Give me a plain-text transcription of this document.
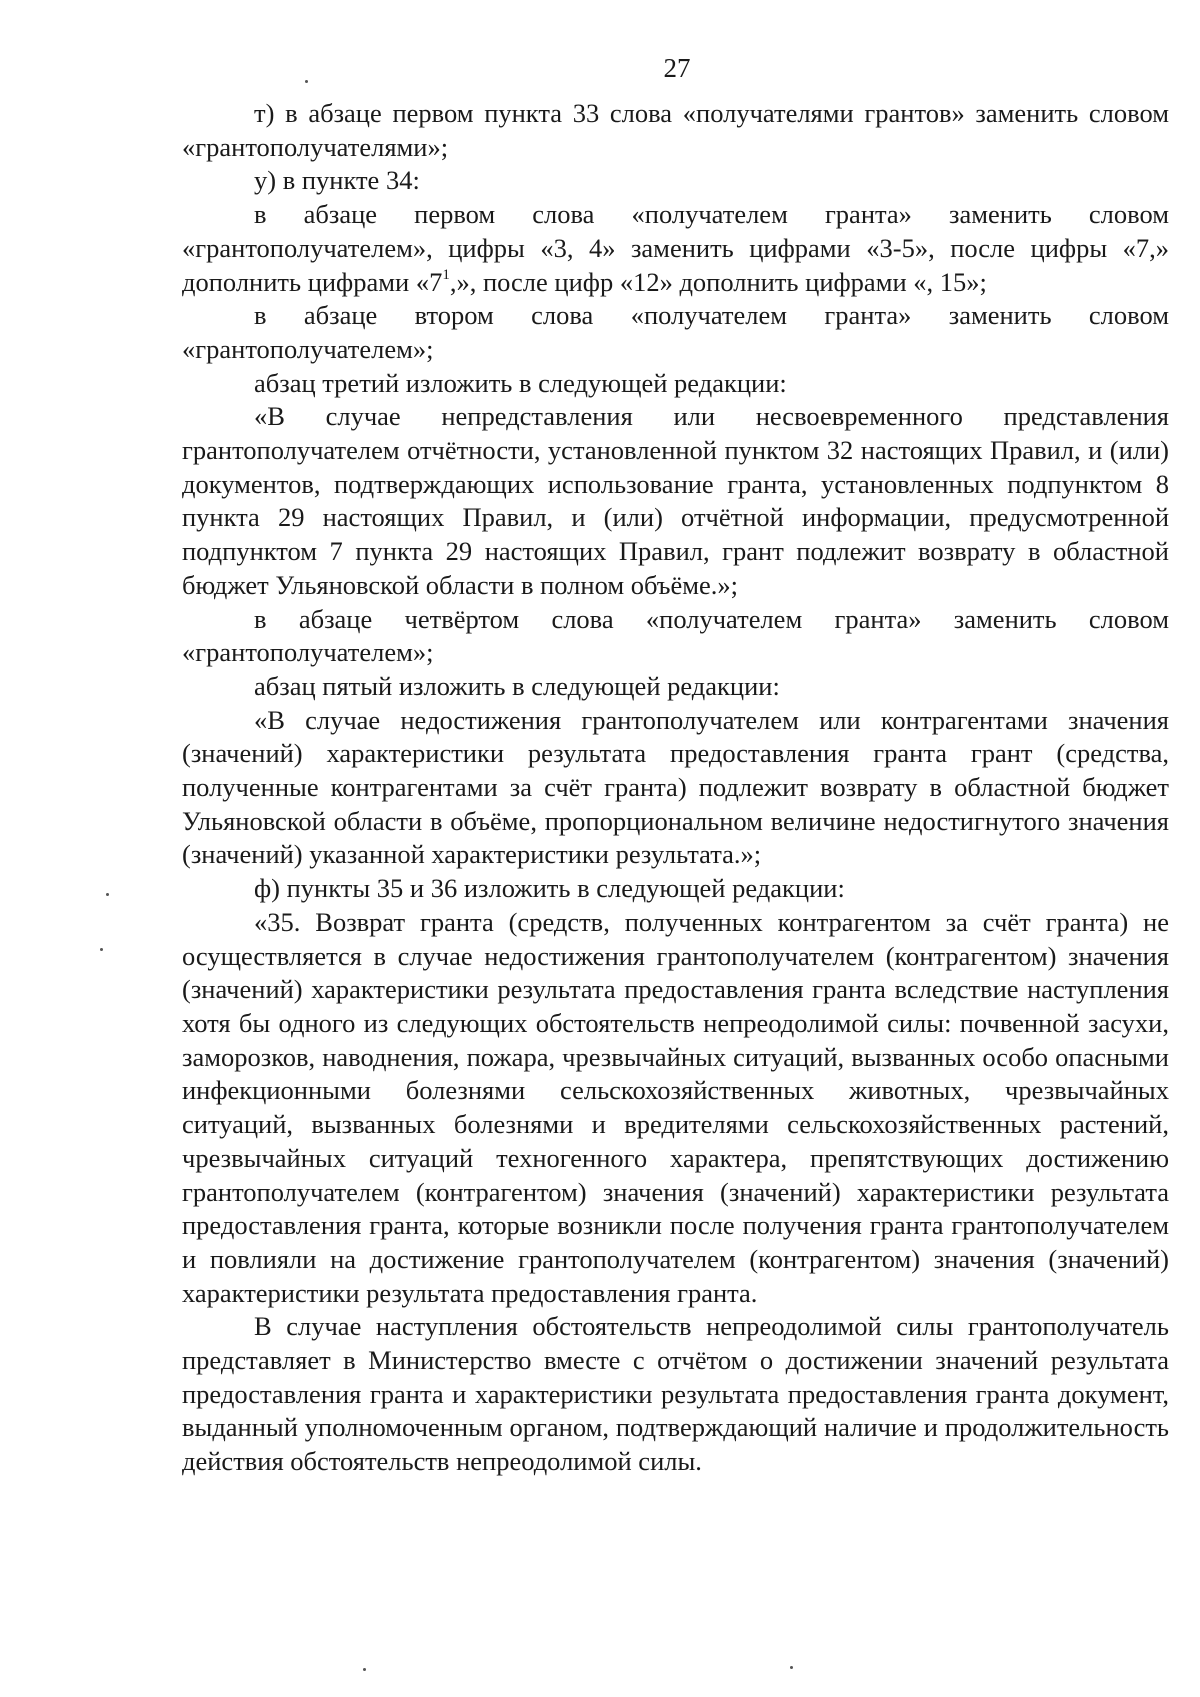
27

т) в абзаце первом пункта 33 слова «получателями грантов» заменить словом «грантополучателями»;

у) в пункте 34:

в абзаце первом слова «получателем гранта» заменить словом «грантополучателем», цифры «3, 4» заменить цифрами «3-5», после цифры «7,» дополнить цифрами «$7^1$,», после цифр «12» дополнить цифрами «, 15»;

в абзаце втором слова «получателем гранта» заменить словом «грантополучателем»;

абзац третий изложить в следующей редакции:

«В случае непредставления или несвоевременного представления грантополучателем отчётности, установленной пунктом 32 настоящих Правил, и (или) документов, подтверждающих использование гранта, установленных подпунктом 8 пункта 29 настоящих Правил, и (или) отчётной информации, предусмотренной подпунктом 7 пункта 29 настоящих Правил, грант подлежит возврату в областной бюджет Ульяновской области в полном объёме.»;

в абзаце четвёртом слова «получателем гранта» заменить словом «грантополучателем»;

абзац пятый изложить в следующей редакции:

«В случае недостижения грантополучателем или контрагентами значения (значений) характеристики результата предоставления гранта грант (средства, полученные контрагентами за счёт гранта) подлежит возврату в областной бюджет Ульяновской области в объёме, пропорциональном величине недостигнутого значения (значений) указанной характеристики результата.»;

ф) пункты 35 и 36 изложить в следующей редакции:

«35. Возврат гранта (средств, полученных контрагентом за счёт гранта) не осуществляется в случае недостижения грантополучателем (контрагентом) значения (значений) характеристики результата предоставления гранта вследствие наступления хотя бы одного из следующих обстоятельств непреодолимой силы: почвенной засухи, заморозков, наводнения, пожара, чрезвычайных ситуаций, вызванных особо опасными инфекционными болезнями сельскохозяйственных животных, чрезвычайных ситуаций, вызванных болезнями и вредителями сельскохозяйственных растений, чрезвычайных ситуаций техногенного характера, препятствующих достижению грантополучателем (контрагентом) значения (значений) характеристики результата предоставления гранта, которые возникли после получения гранта грантополучателем и повлияли на достижение грантополучателем (контрагентом) значения (значений) характеристики результата предоставления гранта.

В случае наступления обстоятельств непреодолимой силы грантополучатель представляет в Министерство вместе с отчётом о достижении значений результата предоставления гранта и характеристики результата предоставления гранта документ, выданный уполномоченным органом, подтверждающий наличие и продолжительность действия обстоятельств непреодолимой силы.
